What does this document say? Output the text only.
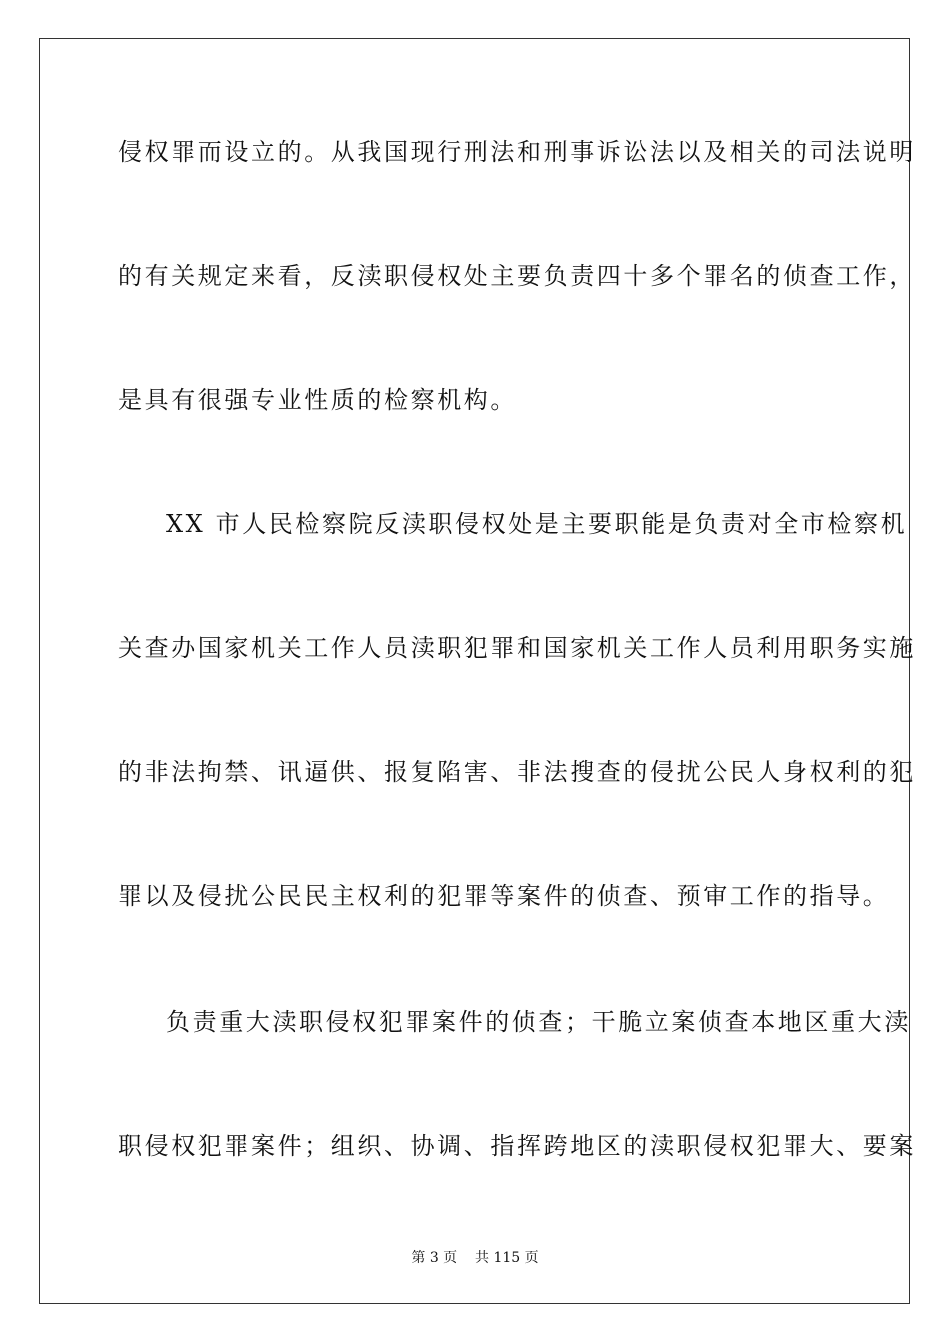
侵权罪而设立的。从我国现行刑法和刑事诉讼法以及相关的司法说明
的有关规定来看，反渎职侵权处主要负责四十多个罪名的侦查工作，
是具有很强专业性质的检察机构。
XX 市人民检察院反渎职侵权处是主要职能是负责对全市检察机
关查办国家机关工作人员渎职犯罪和国家机关工作人员利用职务实施
的非法拘禁、讯逼供、报复陷害、非法搜查的侵扰公民人身权利的犯
罪以及侵扰公民民主权利的犯罪等案件的侦查、预审工作的指导。
负责重大渎职侵权犯罪案件的侦查；干脆立案侦查本地区重大渎
职侵权犯罪案件；组织、协调、指挥跨地区的渎职侵权犯罪大、要案
第 3 页 共 115 页
